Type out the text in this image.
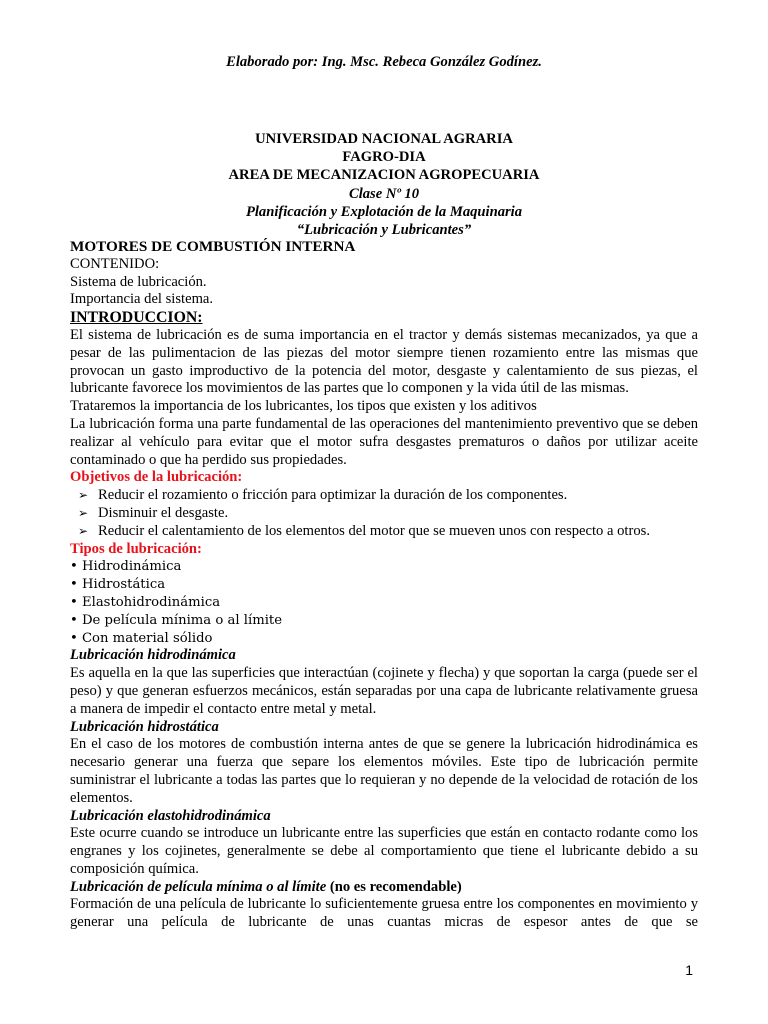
Elaborado por: Ing. Msc. Rebeca González Godínez.
UNIVERSIDAD NACIONAL AGRARIA
FAGRO-DIA
AREA DE MECANIZACION AGROPECUARIA
Clase Nº 10
Planificación y Explotación de la Maquinaria
“Lubricación y Lubricantes”
MOTORES DE COMBUSTIÓN INTERNA
CONTENIDO:
Sistema de lubricación.
Importancia del sistema.
INTRODUCCION:
El sistema de lubricación es de suma importancia en el tractor y demás sistemas mecanizados, ya que a pesar de las pulimentacion de las piezas del motor siempre tienen rozamiento entre las mismas que provocan un gasto improductivo de la potencia del motor, desgaste y calentamiento de sus piezas, el lubricante favorece los movimientos de las partes que lo componen y la vida útil de las mismas.
Trataremos la importancia de los lubricantes, los tipos que existen y los aditivos
La lubricación forma una parte fundamental de las operaciones del mantenimiento preventivo que se deben realizar al vehículo para evitar que el motor sufra desgastes prematuros o daños por utilizar aceite contaminado o que ha perdido sus propiedades.
Objetivos de la lubricación:
➢ Reducir el rozamiento o fricción para optimizar la duración de los componentes.
➢ Disminuir el desgaste.
➢ Reducir el calentamiento de los elementos del motor que se mueven unos con respecto a otros.
Tipos de lubricación:
• Hidrodinámica
• Hidrostática
• Elastohidrodinámica
• De película mínima o al límite
• Con material sólido
Lubricación hidrodinámica
Es aquella en la que las superficies que interactúan (cojinete y flecha) y que soportan la carga (puede ser el peso) y que generan esfuerzos mecánicos, están separadas por una capa de lubricante relativamente gruesa a manera de impedir el contacto entre metal y metal.
Lubricación hidrostática
En el caso de los motores de combustión interna antes de que se genere la lubricación hidrodinámica es necesario generar una fuerza que separe los elementos móviles. Este tipo de lubricación permite suministrar el lubricante a todas las partes que lo requieran y no depende de la velocidad de rotación de los elementos.
Lubricación elastohidrodinámica
Este ocurre cuando se introduce un lubricante entre las superficies que están en contacto rodante como los engranes y los cojinetes, generalmente se debe al comportamiento que tiene el lubricante debido a su composición química.
Lubricación de película mínima o al límite (no es recomendable)
Formación de una película de lubricante lo suficientemente gruesa entre los componentes en movimiento y generar una película de lubricante de unas cuantas micras de espesor antes de que se
1
